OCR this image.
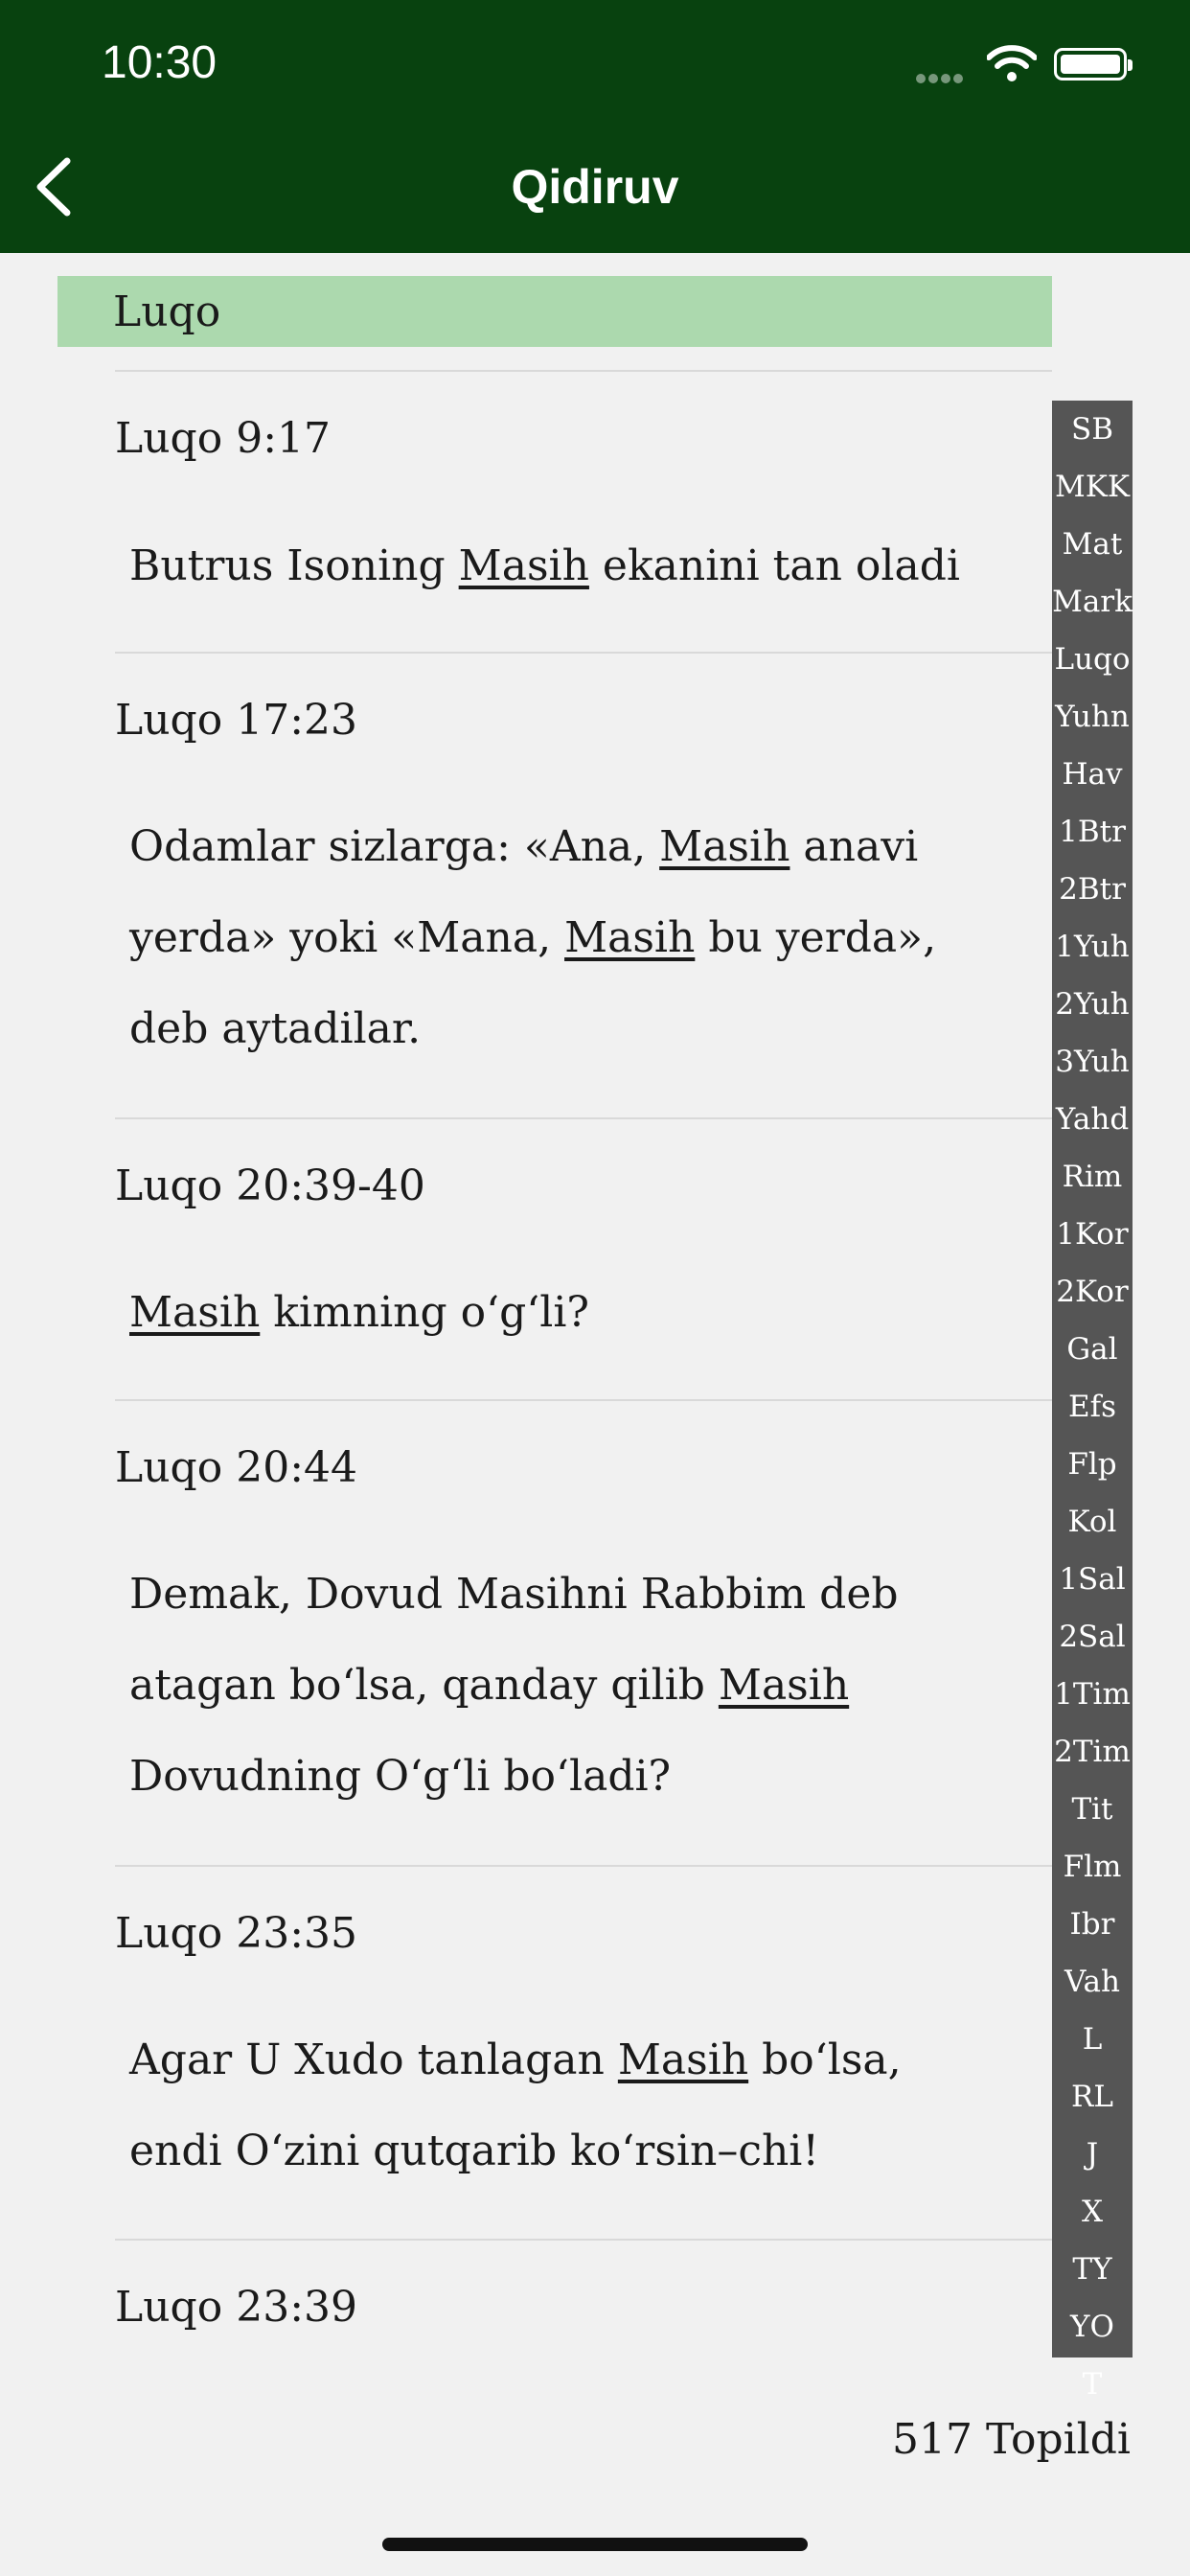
10:30
Qidiruv
Luqo
Luqo 9:17
Butrus Isoning Masih ekanini tan oladi
Luqo 17:23
Odamlar sizlarga: «Ana, Masih anavi yerda» yoki «Mana, Masih bu yerda», deb aytadilar.
Luqo 20:39-40
Masih kimning o‘g‘li?
Luqo 20:44
Demak, Dovud Masihni Rabbim deb atagan bo‘lsa, qanday qilib Masih Dovudning O‘g‘li bo‘ladi?
Luqo 23:35
Agar U Xudo tanlagan Masih bo‘lsa, endi O‘zini qutqarib ko‘rsin–chi!
Luqo 23:39
SB
MKK
Mat
Mark
Luqo
Yuhn
Hav
1Btr
2Btr
1Yuh
2Yuh
3Yuh
Yahd
Rim
1Kor
2Kor
Gal
Efs
Flp
Kol
1Sal
2Sal
1Tim
2Tim
Tit
Flm
Ibr
Vah
L
RL
J
X
TY
YO
T
517 Topildi
